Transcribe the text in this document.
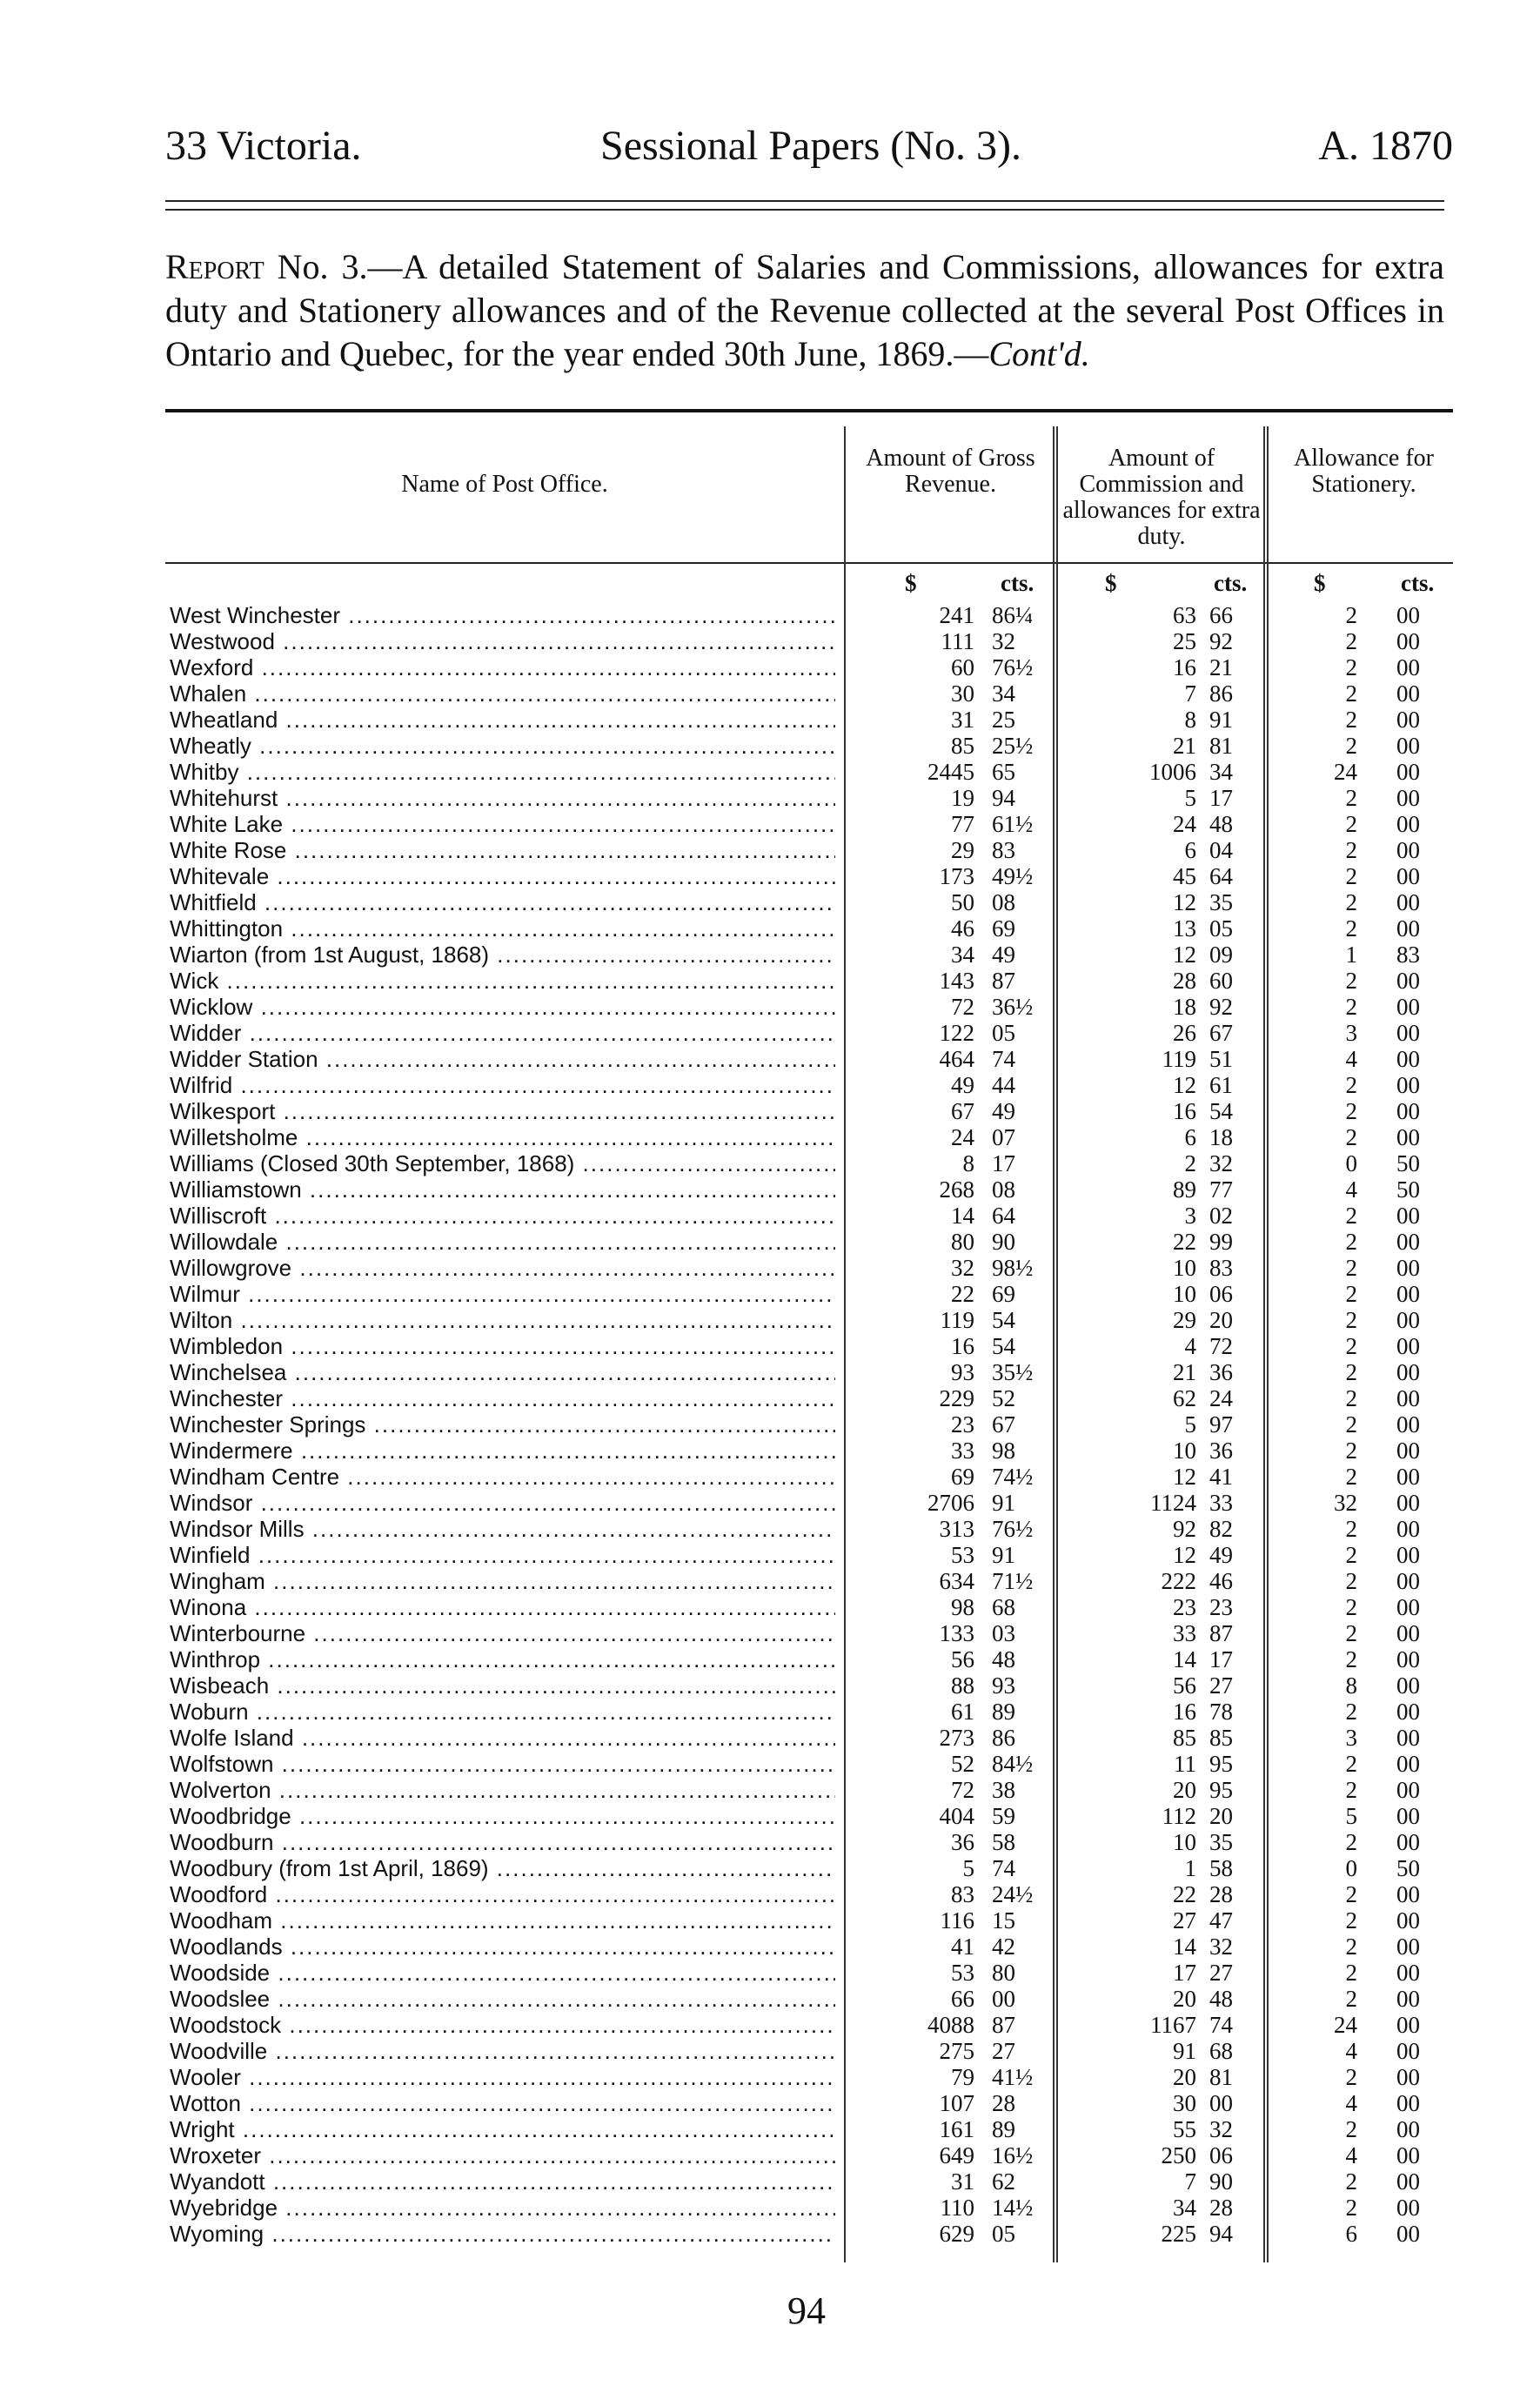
33 Victoria.	Sessional Papers (No. 3).	A. 1870
Report No. 3.—A detailed Statement of Salaries and Commissions, allowances for extra duty and Stationery allowances and of the Revenue collected at the several Post Offices in Ontario and Quebec, for the year ended 30th June, 1869.—Cont'd.
Name of Post Office.
Amount of Gross Revenue.
Amount of Commission and allowances for extra duty.
Allowance for Stationery.
$	cts.	$	cts.	$	cts.
West Winchester .....	241 86¼	63 66	2 00
Westwood .....	111 32	25 92	2 00
Wexford .....	60 76½	16 21	2 00
Whalen .....	30 34	7 86	2 00
Wheatland .....	31 25	8 91	2 00
Wheatly .....	85 25½	21 81	2 00
Whitby .....	2445 65	1006 34	24 00
Whitehurst .....	19 94	5 17	2 00
White Lake .....	77 61½	24 48	2 00
White Rose .....	29 83	6 04	2 00
Whitevale .....	173 49½	45 64	2 00
Whitfield .....	50 08	12 35	2 00
Whittington .....	46 69	13 05	2 00
Wiarton (from 1st August, 1868) .....	34 49	12 09	1 83
Wick .....	143 87	28 60	2 00
Wicklow .....	72 36½	18 92	2 00
Widder .....	122 05	26 67	3 00
Widder Station .....	464 74	119 51	4 00
Wilfrid .....	49 44	12 61	2 00
Wilkesport .....	67 49	16 54	2 00
Willetsholme .....	24 07	6 18	2 00
Williams (Closed 30th September, 1868) .....	8 17	2 32	0 50
Williamstown .....	268 08	89 77	4 50
Williscroft .....	14 64	3 02	2 00
Willowdale .....	80 90	22 99	2 00
Willowgrove .....	32 98½	10 83	2 00
Wilmur .....	22 69	10 06	2 00
Wilton .....	119 54	29 20	2 00
Wimbledon .....	16 54	4 72	2 00
Winchelsea .....	93 35½	21 36	2 00
Winchester .....	229 52	62 24	2 00
Winchester Springs .....	23 67	5 97	2 00
Windermere .....	33 98	10 36	2 00
Windham Centre .....	69 74½	12 41	2 00
Windsor .....	2706 91	1124 33	32 00
Windsor Mills .....	313 76½	92 82	2 00
Winfield .....	53 91	12 49	2 00
Wingham .....	634 71½	222 46	2 00
Winona .....	98 68	23 23	2 00
Winterbourne .....	133 03	33 87	2 00
Winthrop .....	56 48	14 17	2 00
Wisbeach .....	88 93	56 27	8 00
Woburn .....	61 89	16 78	2 00
Wolfe Island .....	273 86	85 85	3 00
Wolfstown .....	52 84½	11 95	2 00
Wolverton .....	72 38	20 95	2 00
Woodbridge .....	404 59	112 20	5 00
Woodburn .....	36 58	10 35	2 00
Woodbury (from 1st April, 1869) .....	5 74	1 58	0 50
Woodford .....	83 24½	22 28	2 00
Woodham .....	116 15	27 47	2 00
Woodlands .....	41 42	14 32	2 00
Woodside .....	53 80	17 27	2 00
Woodslee .....	66 00	20 48	2 00
Woodstock .....	4088 87	1167 74	24 00
Woodville .....	275 27	91 68	4 00
Wooler .....	79 41½	20 81	2 00
Wotton .....	107 28	30 00	4 00
Wright .....	161 89	55 32	2 00
Wroxeter .....	649 16½	250 06	4 00
Wyandott .....	31 62	7 90	2 00
Wyebridge .....	110 14½	34 28	2 00
Wyoming .....	629 05	225 94	6 00
94
